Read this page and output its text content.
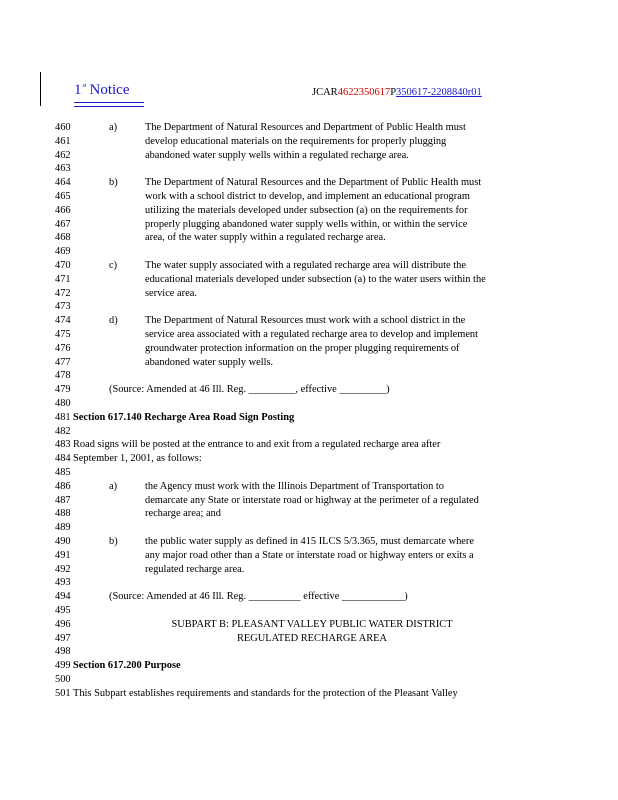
1st Notice	JCAR4622350617P350617-2208840r01
460	a)	The Department of Natural Resources and Department of Public Health must
461	develop educational materials on the requirements for properly plugging
462	abandoned water supply wells within a regulated recharge area.
463
464	b)	The Department of Natural Resources and the Department of Public Health must
465	work with a school district to develop, and implement an educational program
466	utilizing the materials developed under subsection (a) on the requirements for
467	properly plugging abandoned water supply wells within, or within the service
468	area, of the water supply within a regulated recharge area.
469
470	c)	The water supply associated with a regulated recharge area will distribute the
471	educational materials developed under subsection (a) to the water users within the
472	service area.
473
474	d)	The Department of Natural Resources must work with a school district in the
475	service area associated with a regulated recharge area to develop and implement
476	groundwater protection information on the proper plugging requirements of
477	abandoned water supply wells.
478
479	(Source: Amended at 46 Ill. Reg. _________, effective _________)
480
481 Section 617.140 Recharge Area Road Sign Posting
482
483 Road signs will be posted at the entrance to and exit from a regulated recharge area after
484 September 1, 2001, as follows:
485
486	a)	the Agency must work with the Illinois Department of Transportation to
487	demarcate any State or interstate road or highway at the perimeter of a regulated
488	recharge area; and
489
490	b)	the public water supply as defined in 415 ILCS 5/3.365, must demarcate where
491	any major road other than a State or interstate road or highway enters or exits a
492	regulated recharge area.
493
494	(Source: Amended at 46 Ill. Reg. __________ effective ____________)
495
496	SUBPART B: PLEASANT VALLEY PUBLIC WATER DISTRICT
497	REGULATED RECHARGE AREA
498
499 Section 617.200 Purpose
500
501 This Subpart establishes requirements and standards for the protection of the Pleasant Valley
